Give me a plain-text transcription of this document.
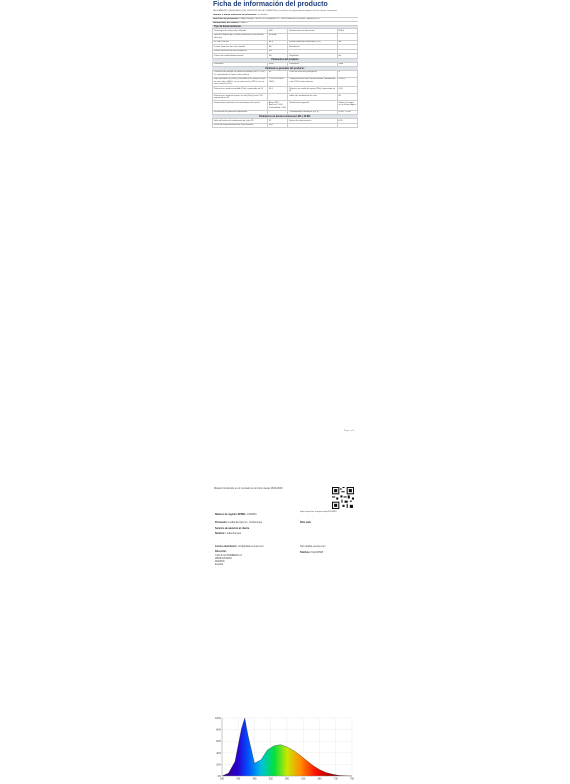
Ficha de información del producto
REGLAMENTO DELEGADO (UE) 2019/2015 DE LA COMISIÓN en lo relativo al etiquetado energético de las fuentes luminosas
Nombre o marca comercial del proveedor: M-Voltaico
Dirección del proveedor: Lédkia Europa, CALLE GUTEMBERG 12, 28008 MADRID (ESTADO MADRID) ES
Identificador del modelo: LHB815
Tipo de fuente luminosa:
Tecnología de iluminación utilizada	LED	No direccional o direccional	NDLS
Tipo de casquillo de la fuente luminosa (u otra interfaz eléctrica)	BORNA		
De red o sin red	MLS	Fuente luminosa conectada (CLS)	No
Fuente luminosa de color variable	No	Envolvente	-
Fuente luminosa de alta luminancia	No		
Protección antideslumbramiento	No	Regulable	No
Parámetros del producto
Parámetro	Valor	Parámetro	Valor
Parámetros generales del producto:
Consumo de energía en modo encendido (kWh / 1 000 h), redondeado al entero más próximo	45	Clase de eficiencia energética	G
Flujo luminoso útil (Φuse), indicando si se refiere al flujo en una esfera (360°), en un cono ancho (120°) o en un cono estrecho (90°)	3 900 en Esfera (360°)	Temperatura de color correlacionada, redondeada a los 100 K más próximos	4 000 K
Potencia en modo encendido (Pon), expresada en W	43,0	Potencia en modo de espera (Psb), expresada en W	0,00
Potencia en modo de espera en red (Pnet) para CLS, expresada en W	-	Índice de rendimiento de color	80
Dimensiones exteriores sin mecanismo de control	Altura 485 · Anchura 1 000 · Profundidad 1 340	Distribución espectral	Véase la imagen en la última página
Declaración de potencia equivalente	-	Coordenadas cromáticas (x e y)	0,344 · 0,366
Parámetros de fuentes luminosas LED y OLED:
Valor del índice de rendimiento de color R9	25	Factor de supervivencia	0,85
Factor de mantenimiento del flujo luminoso	0,85		
0%
20%
40%
60%
80%
100%
380	430	480	530	580	630	680	730	780
Page 1 of 4
Modelo introducido en el mercado de la Unión desde 28/01/2025
Número de registro EPREL: 2329693
https://eprel.ec.europa.eu/qr/2329693
Proveedor: Lédkia Europa S.L. (Fabricante)	Sitio web:
Servicio de atención al cliente
Nombre: Lédkia Europa
Correo electrónico: info@ledkia-europa.com	http://ledkia-europa.com
Teléfono: 911234568
Dirección:
CALLE GUTEMBERG 12
28008 ESTADO
MADRID
España
